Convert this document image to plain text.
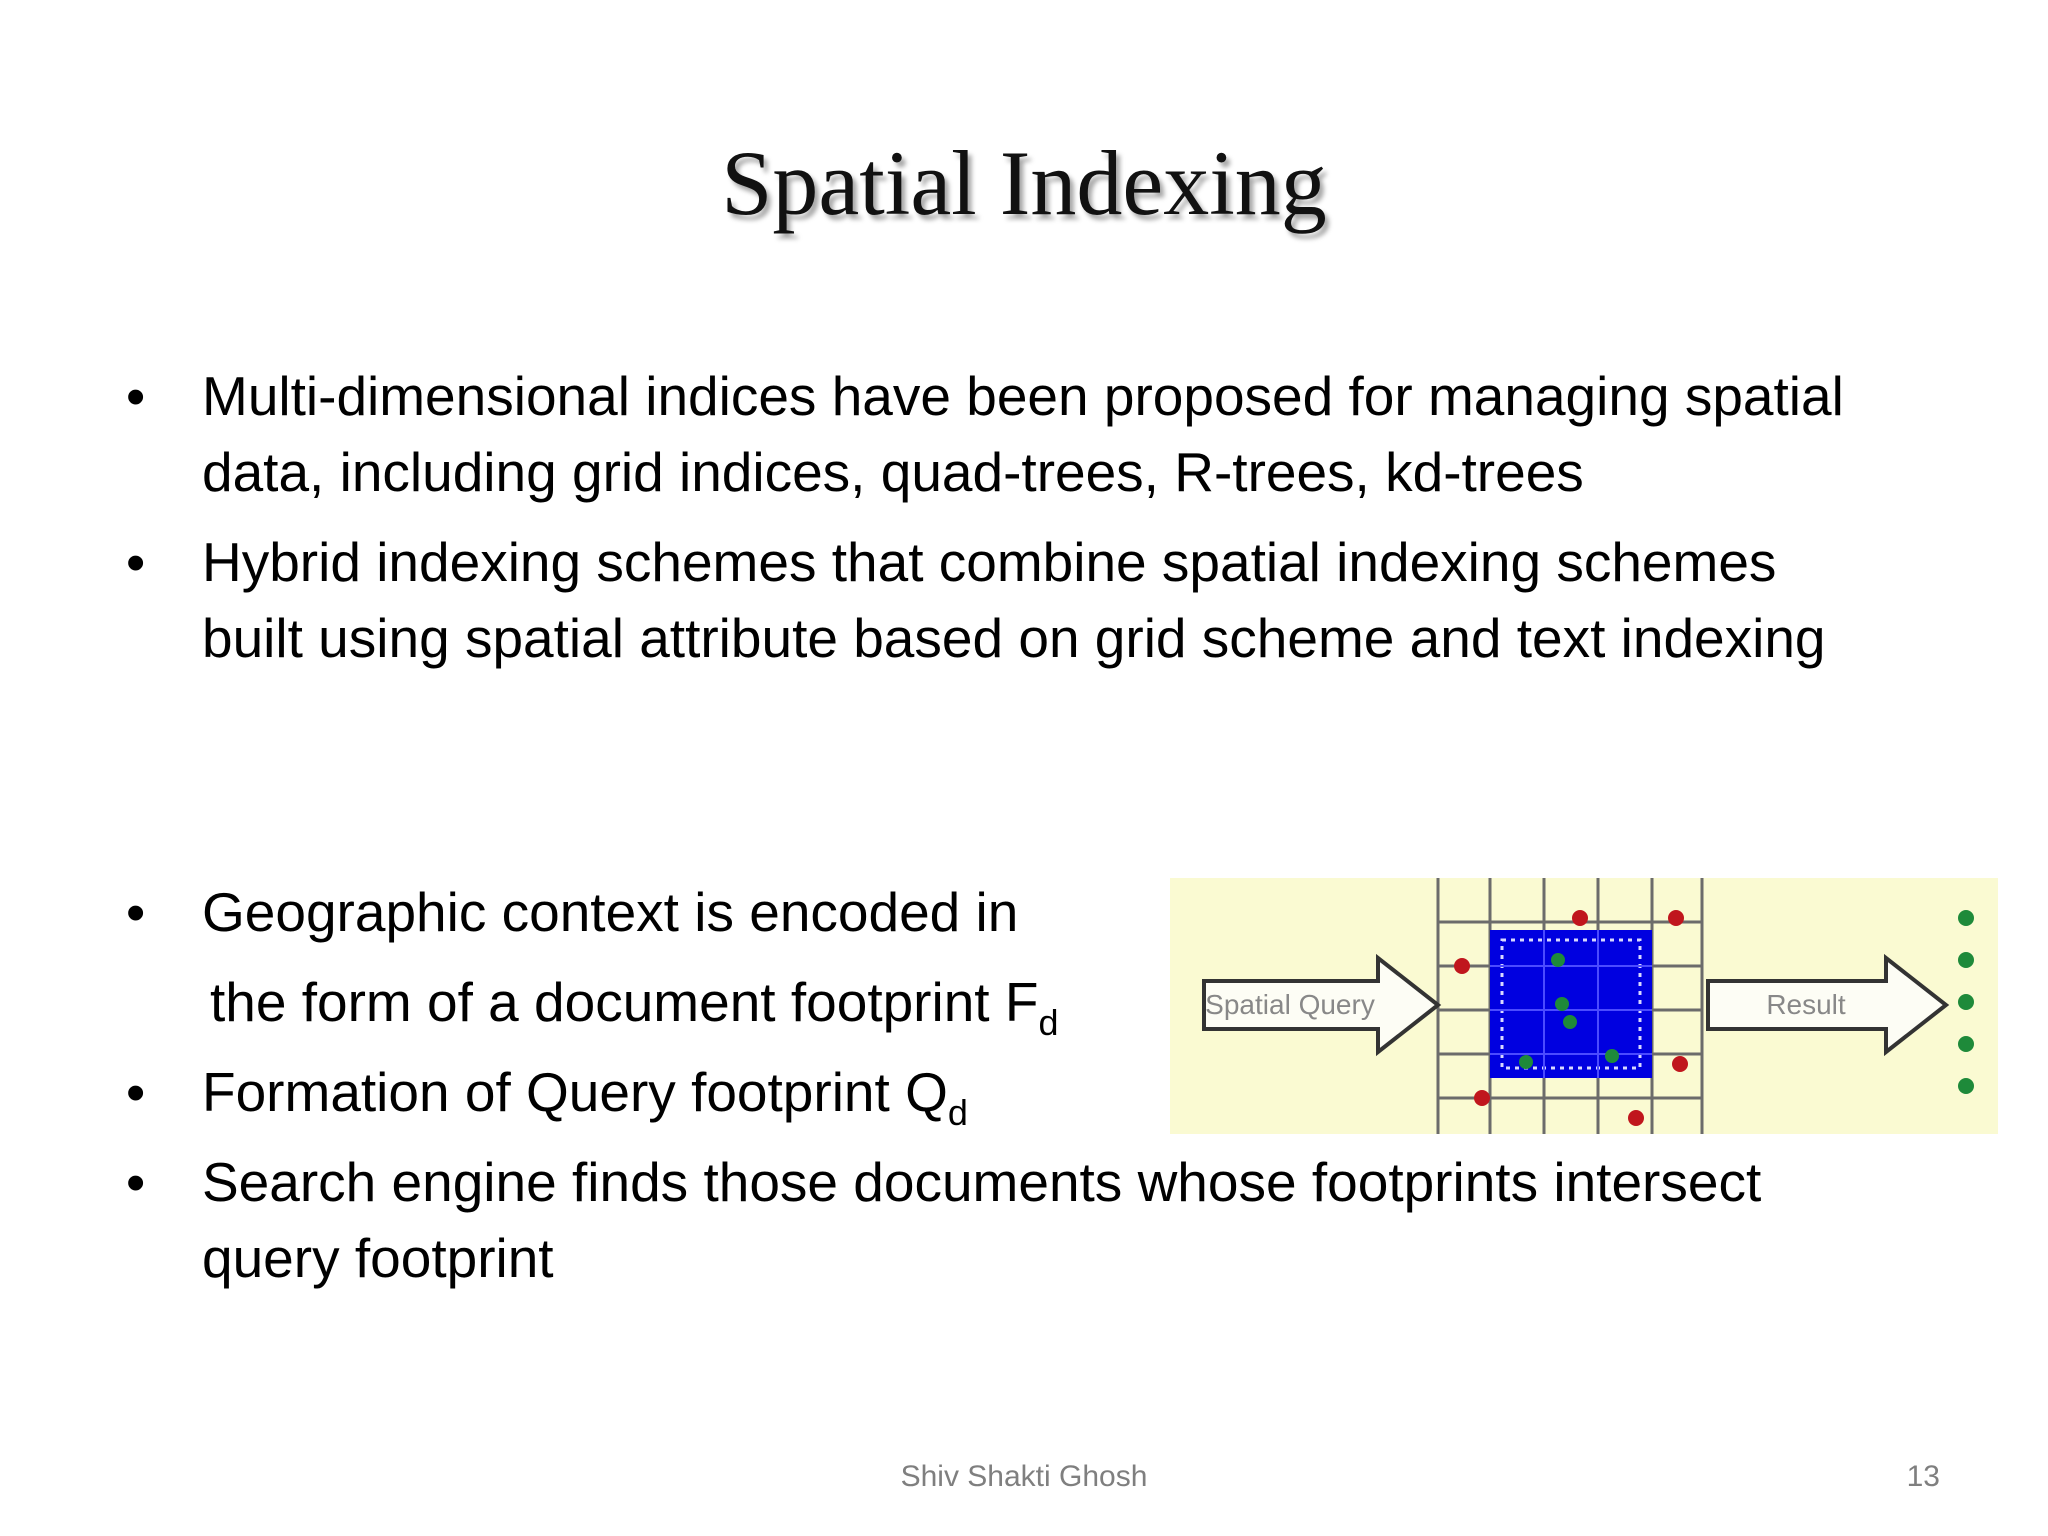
Spatial Indexing
•	Multi-dimensional indices have been proposed for managing spatial
data, including grid indices, quad-trees, R-trees, kd-trees
•	Hybrid indexing schemes that combine spatial indexing schemes
built using spatial attribute based on grid scheme and text indexing
•	Geographic context is encoded in
the form of a document footprint $F_d$
•	Formation of Query footprint $Q_d$
•	Search engine finds those documents whose footprints intersect
query footprint
Spatial Query	Result
Shiv Shakti Ghosh	13
